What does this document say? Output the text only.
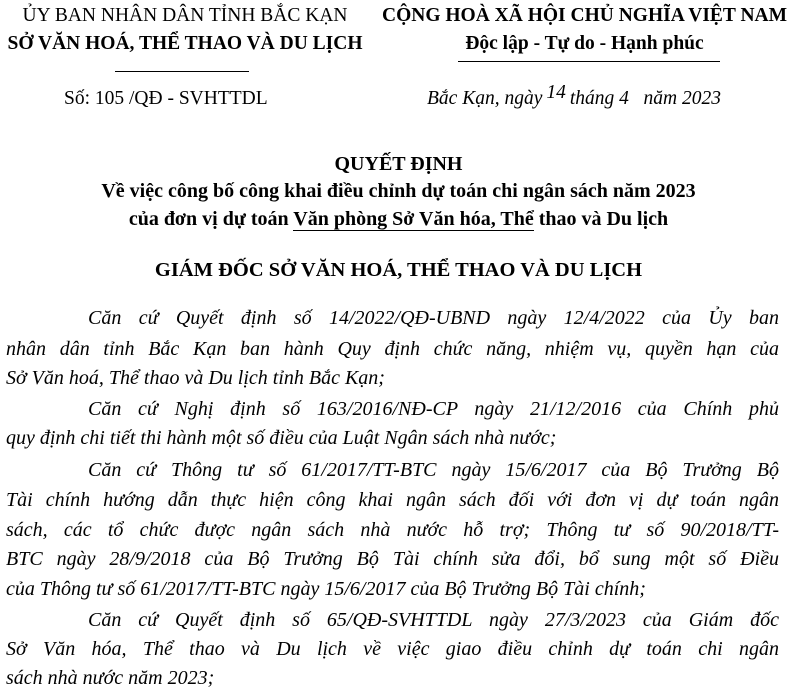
ỦY BAN NHÂN DÂN TỈNH BẮC KẠN
SỞ VĂN HOÁ, THỂ THAO VÀ DU LỊCH
CỘNG HOÀ XÃ HỘI CHỦ NGHĨA VIỆT NAM
Độc lập - Tự do - Hạnh phúc
Số: 105 /QĐ - SVHTTDL	Bắc Kạn, ngày 14 tháng 4 năm 2023
QUYẾT ĐỊNH
Về việc công bố công khai điều chỉnh dự toán chi ngân sách năm 2023
của đơn vị dự toán Văn phòng Sở Văn hóa, Thể thao và Du lịch
GIÁM ĐỐC SỞ VĂN HOÁ, THỂ THAO VÀ DU LỊCH
Căn cứ Quyết định số 14/2022/QĐ-UBND ngày 12/4/2022 của Ủy ban
nhân dân tỉnh Bắc Kạn ban hành Quy định chức năng, nhiệm vụ, quyền hạn của
Sở Văn hoá, Thể thao và Du lịch tỉnh Bắc Kạn;
Căn cứ Nghị định số 163/2016/NĐ-CP ngày 21/12/2016 của Chính phủ
quy định chi tiết thi hành một số điều của Luật Ngân sách nhà nước;
Căn cứ Thông tư số 61/2017/TT-BTC ngày 15/6/2017 của Bộ Trưởng Bộ
Tài chính hướng dẫn thực hiện công khai ngân sách đối với đơn vị dự toán ngân
sách, các tổ chức được ngân sách nhà nước hỗ trợ; Thông tư số 90/2018/TT-
BTC ngày 28/9/2018 của Bộ Trưởng Bộ Tài chính sửa đổi, bổ sung một số Điều
của Thông tư số 61/2017/TT-BTC ngày 15/6/2017 của Bộ Trưởng Bộ Tài chính;
Căn cứ Quyết định số 65/QĐ-SVHTTDL ngày 27/3/2023 của Giám đốc
Sở Văn hóa, Thể thao và Du lịch về việc giao điều chỉnh dự toán chi ngân
sách nhà nước năm 2023;
